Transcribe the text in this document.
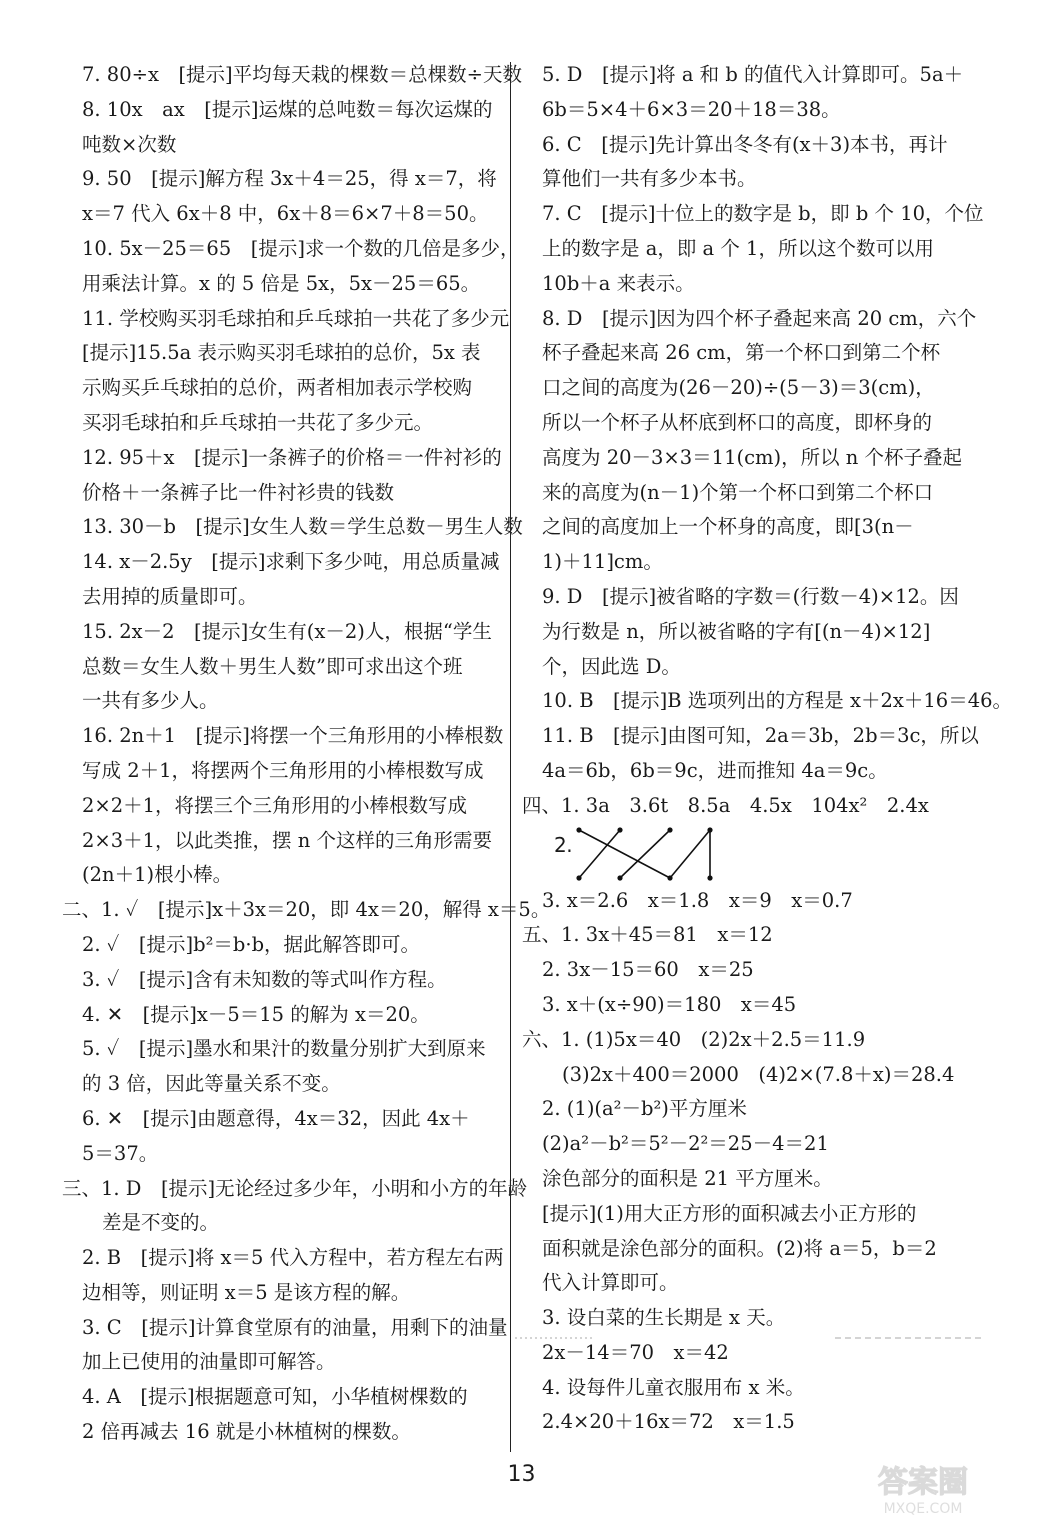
7. 80÷x　[提示]平均每天栽的棵数＝总棵数÷天数
8. 10x　ax　[提示]运煤的总吨数＝每次运煤的
吨数×次数
9. 50　[提示]解方程 3x＋4＝25，得 x＝7，将
x＝7 代入 6x＋8 中，6x＋8＝6×7＋8＝50。
10. 5x－25＝65　[提示]求一个数的几倍是多少，
用乘法计算。x 的 5 倍是 5x，5x－25＝65。
11. 学校购买羽毛球拍和乒乓球拍一共花了多少元
[提示]15.5a 表示购买羽毛球拍的总价，5x 表
示购买乒乓球拍的总价，两者相加表示学校购
买羽毛球拍和乒乓球拍一共花了多少元。
12. 95＋x　[提示]一条裤子的价格＝一件衬衫的
价格＋一条裤子比一件衬衫贵的钱数
13. 30－b　[提示]女生人数＝学生总数－男生人数
14. x－2.5y　[提示]求剩下多少吨，用总质量减
去用掉的质量即可。
15. 2x－2　[提示]女生有(x－2)人，根据“学生
总数＝女生人数＋男生人数”即可求出这个班
一共有多少人。
16. 2n＋1　[提示]将摆一个三角形用的小棒根数
写成 2＋1，将摆两个三角形用的小棒根数写成
2×2＋1，将摆三个三角形用的小棒根数写成
2×3＋1，以此类推，摆 n 个这样的三角形需要
(2n＋1)根小棒。
二、1. ✓　[提示]x＋3x＝20，即 4x＝20，解得 x＝5。
2. ✓　[提示]b²＝b·b，据此解答即可。
3. ✓　[提示]含有未知数的等式叫作方程。
4. ✕　[提示]x－5＝15 的解为 x＝20。
5. ✓　[提示]墨水和果汁的数量分别扩大到原来
的 3 倍，因此等量关系不变。
6. ✕　[提示]由题意得，4x＝32，因此 4x＋
5＝37。
三、1. D　[提示]无论经过多少年，小明和小方的年龄
差是不变的。
2. B　[提示]将 x＝5 代入方程中，若方程左右两
边相等，则证明 x＝5 是该方程的解。
3. C　[提示]计算食堂原有的油量，用剩下的油量
加上已使用的油量即可解答。
4. A　[提示]根据题意可知，小华植树棵数的
2 倍再减去 16 就是小林植树的棵数。
5. D　[提示]将 a 和 b 的值代入计算即可。5a＋
6b＝5×4＋6×3＝20＋18＝38。
6. C　[提示]先计算出冬冬有(x＋3)本书，再计
算他们一共有多少本书。
7. C　[提示]十位上的数字是 b，即 b 个 10，个位
上的数字是 a，即 a 个 1，所以这个数可以用
10b＋a 来表示。
8. D　[提示]因为四个杯子叠起来高 20 cm，六个
杯子叠起来高 26 cm，第一个杯口到第二个杯
口之间的高度为(26－20)÷(5－3)＝3(cm)，
所以一个杯子从杯底到杯口的高度，即杯身的
高度为 20－3×3＝11(cm)，所以 n 个杯子叠起
来的高度为(n－1)个第一个杯口到第二个杯口
之间的高度加上一个杯身的高度，即[3(n－
1)＋11]cm。
9. D　[提示]被省略的字数＝(行数－4)×12。因
为行数是 n，所以被省略的字有[(n－4)×12]
个，因此选 D。
10. B　[提示]B 选项列出的方程是 x＋2x＋16＝46。
11. B　[提示]由图可知，2a＝3b，2b＝3c，所以
4a＝6b，6b＝9c，进而推知 4a＝9c。
四、1. 3a　3.6t　8.5a　4.5x　104x²　2.4x
2.
3. x＝2.6　x＝1.8　x＝9　x＝0.7
五、1. 3x＋45＝81　x＝12
2. 3x－15＝60　x＝25
3. x＋(x÷90)＝180　x＝45
六、1. (1)5x＝40　(2)2x＋2.5＝11.9
(3)2x＋400＝2000　(4)2×(7.8＋x)＝28.4
2. (1)(a²－b²)平方厘米
(2)a²－b²＝5²－2²＝25－4＝21
涂色部分的面积是 21 平方厘米。
[提示](1)用大正方形的面积减去小正方形的
面积就是涂色部分的面积。(2)将 a＝5，b＝2
代入计算即可。
3. 设白菜的生长期是 x 天。
2x－14＝70　x＝42
4. 设每件儿童衣服用布 x 米。
2.4×20＋16x＝72　x＝1.5
13	答案圈
MXQE.COM
